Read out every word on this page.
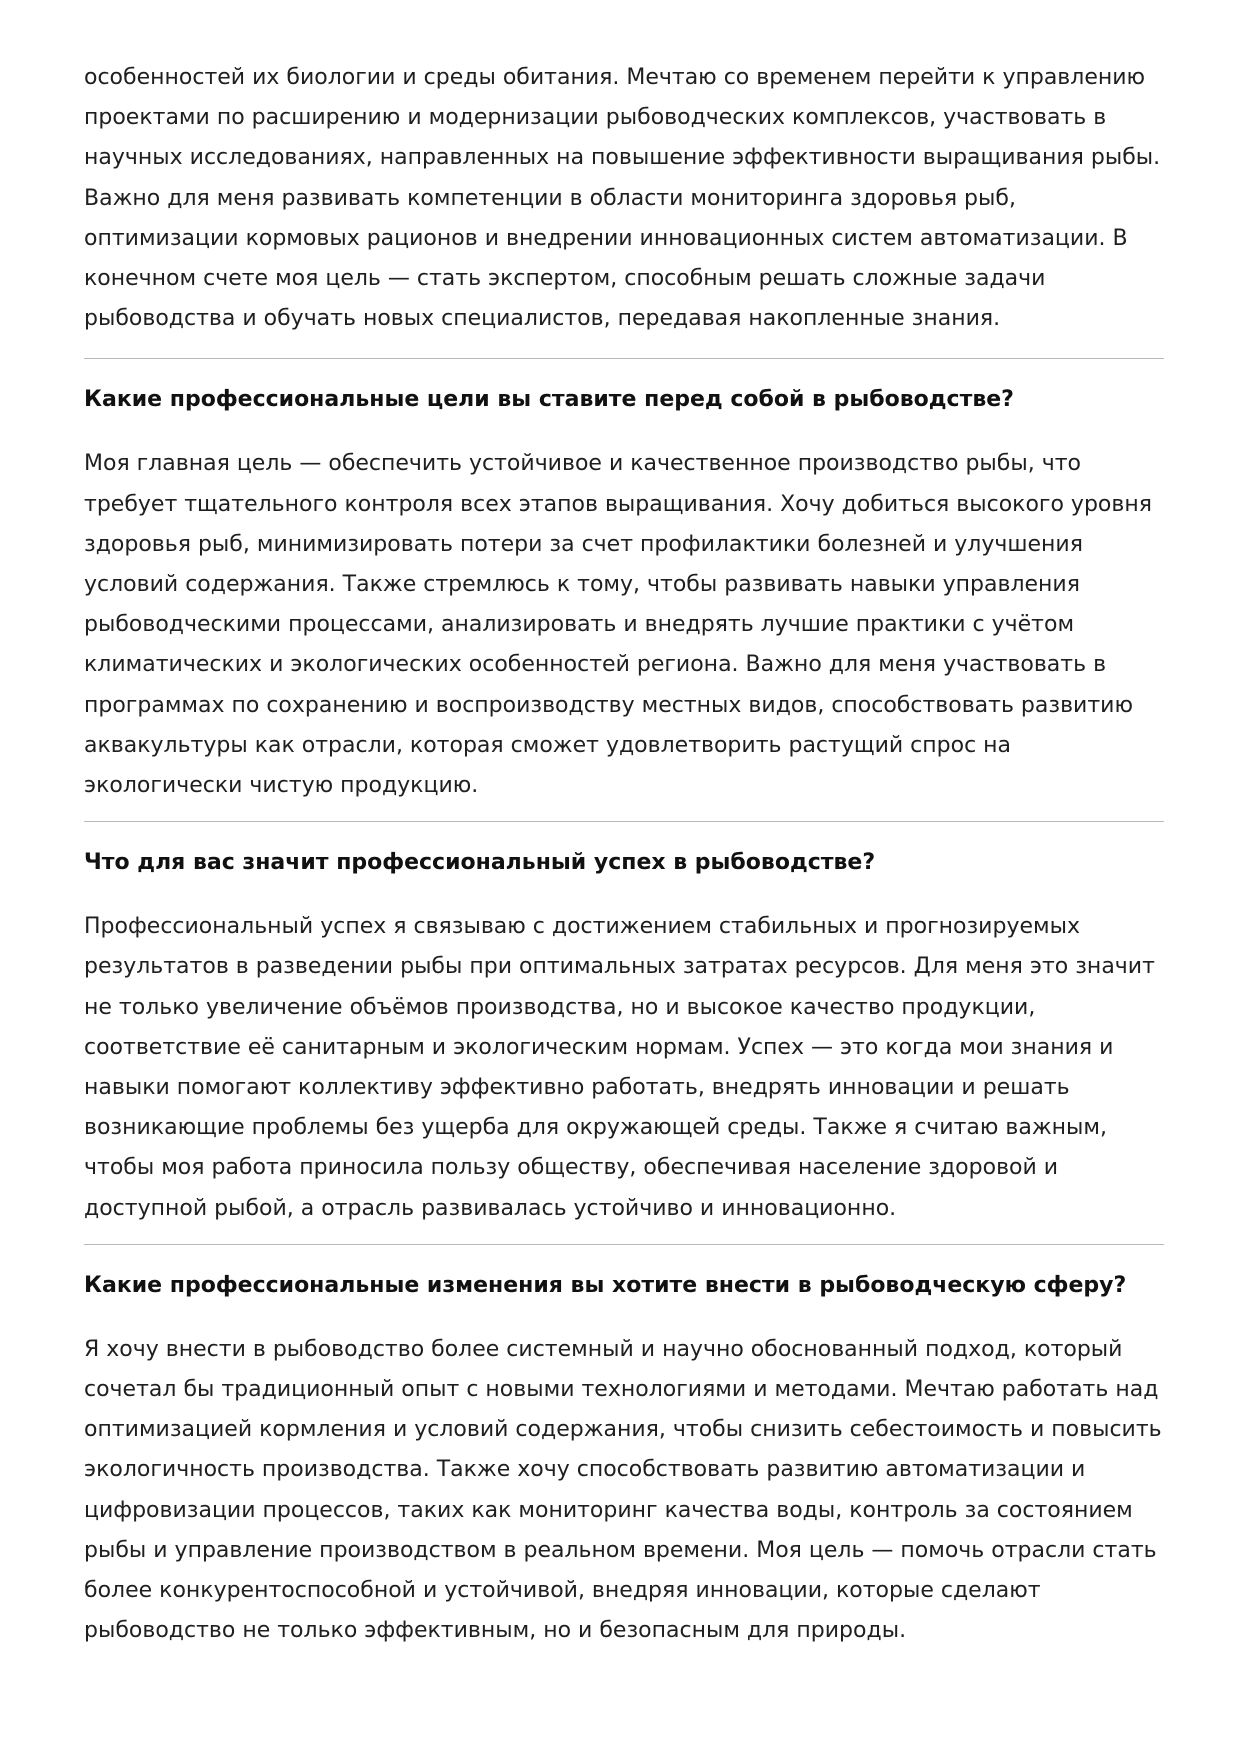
особенностей их биологии и среды обитания. Мечтаю со временем перейти к управлению проектами по расширению и модернизации рыбоводческих комплексов, участвовать в научных исследованиях, направленных на повышение эффективности выращивания рыбы. Важно для меня развивать компетенции в области мониторинга здоровья рыб, оптимизации кормовых рационов и внедрении инновационных систем автоматизации. В конечном счете моя цель — стать экспертом, способным решать сложные задачи рыбоводства и обучать новых специалистов, передавая накопленные знания.

Какие профессиональные цели вы ставите перед собой в рыбоводстве?

Моя главная цель — обеспечить устойчивое и качественное производство рыбы, что требует тщательного контроля всех этапов выращивания. Хочу добиться высокого уровня здоровья рыб, минимизировать потери за счет профилактики болезней и улучшения условий содержания. Также стремлюсь к тому, чтобы развивать навыки управления рыбоводческими процессами, анализировать и внедрять лучшие практики с учётом климатических и экологических особенностей региона. Важно для меня участвовать в программах по сохранению и воспроизводству местных видов, способствовать развитию аквакультуры как отрасли, которая сможет удовлетворить растущий спрос на экологически чистую продукцию.

Что для вас значит профессиональный успех в рыбоводстве?

Профессиональный успех я связываю с достижением стабильных и прогнозируемых результатов в разведении рыбы при оптимальных затратах ресурсов. Для меня это значит не только увеличение объёмов производства, но и высокое качество продукции, соответствие её санитарным и экологическим нормам. Успех — это когда мои знания и навыки помогают коллективу эффективно работать, внедрять инновации и решать возникающие проблемы без ущерба для окружающей среды. Также я считаю важным, чтобы моя работа приносила пользу обществу, обеспечивая население здоровой и доступной рыбой, а отрасль развивалась устойчиво и инновационно.

Какие профессиональные изменения вы хотите внести в рыбоводческую сферу?

Я хочу внести в рыбоводство более системный и научно обоснованный подход, который сочетал бы традиционный опыт с новыми технологиями и методами. Мечтаю работать над оптимизацией кормления и условий содержания, чтобы снизить себестоимость и повысить экологичность производства. Также хочу способствовать развитию автоматизации и цифровизации процессов, таких как мониторинг качества воды, контроль за состоянием рыбы и управление производством в реальном времени. Моя цель — помочь отрасли стать более конкурентоспособной и устойчивой, внедряя инновации, которые сделают рыбоводство не только эффективным, но и безопасным для природы.
